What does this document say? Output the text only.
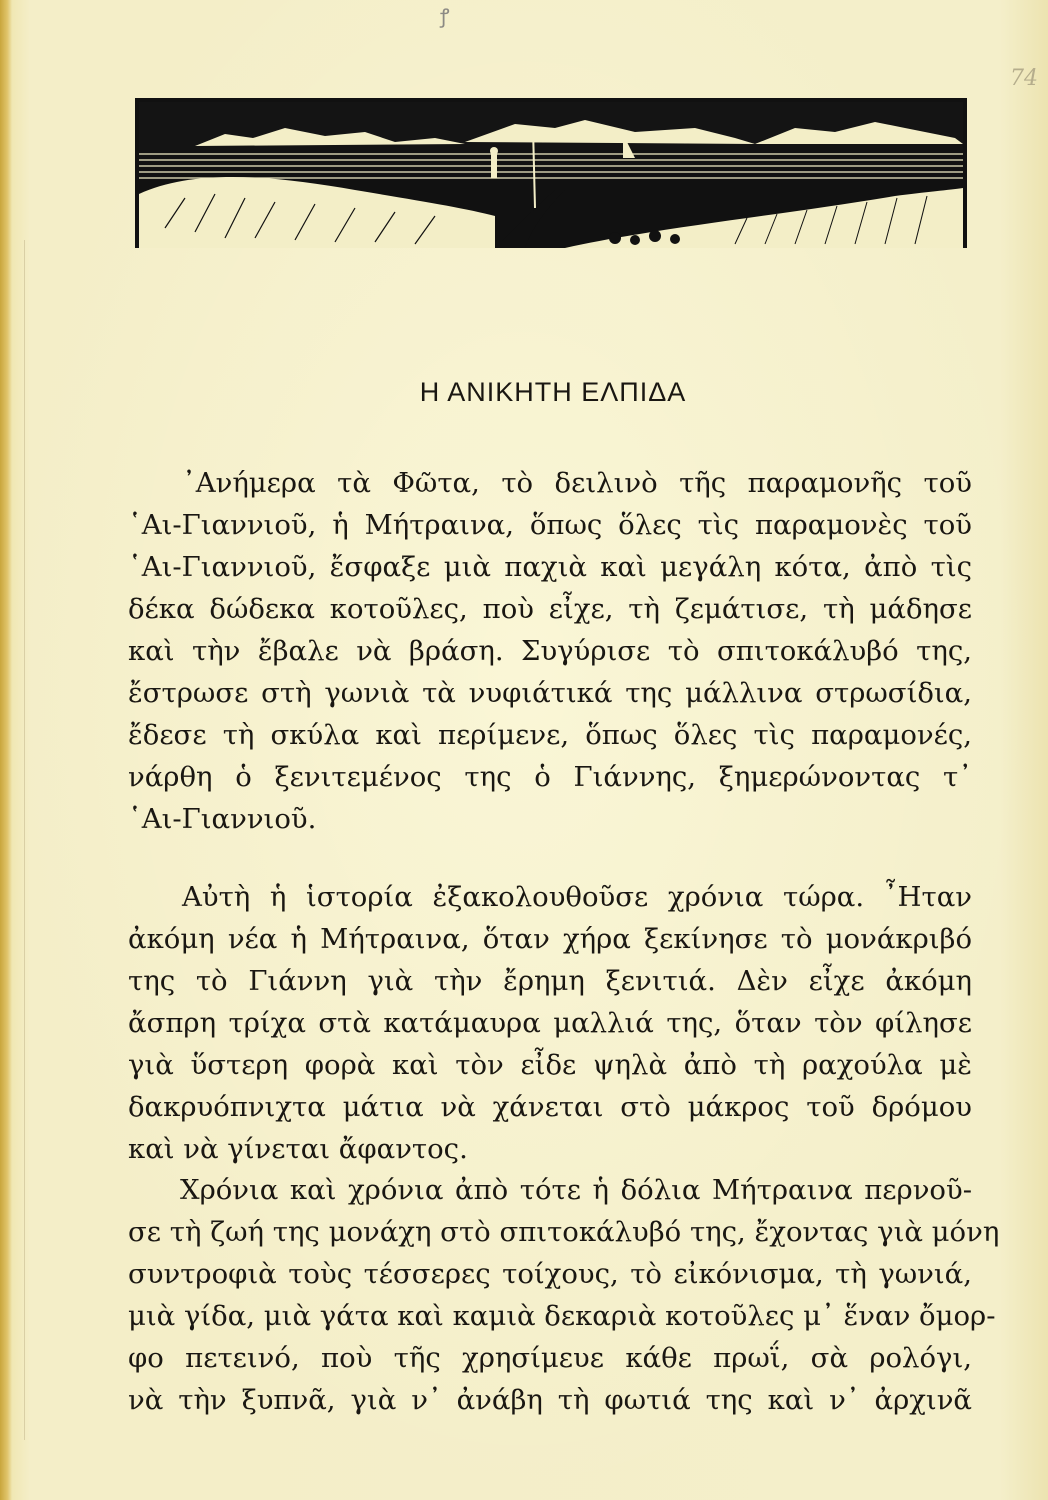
ꝭ
74
Η ΑΝΙΚΗΤΗ ΕΛΠΙΔΑ
᾿Ανήμερα τὰ Φῶτα, τὸ δειλινὸ τῆς παραμονῆς τοῦ
῾Αι-Γιαννιοῦ, ἡ Μήτραινα, ὅπως ὅλες τὶς παραμονὲς τοῦ
῾Αι-Γιαννιοῦ, ἔσφαξε μιὰ παχιὰ καὶ μεγάλη κότα, ἀπὸ τὶς
δέκα δώδεκα κοτοῦλες, ποὺ εἶχε, τὴ ζεμάτισε, τὴ μάδησε
καὶ τὴν ἔβαλε νὰ βράση. Συγύρισε τὸ σπιτοκάλυβό της,
ἔστρωσε στὴ γωνιὰ τὰ νυφιάτικά της μάλλινα στρωσίδια,
ἔδεσε τὴ σκύλα καὶ περίμενε, ὅπως ὅλες τὶς παραμονές,
νάρθη ὁ ξενιτεμένος της ὁ Γιάννης, ξημερώνοντας τ᾿
῾Αι-Γιαννιοῦ.
Αὐτὴ ἡ ἱστορία ἐξακολουθοῦσε χρόνια τώρα. ῏Ηταν
ἀκόμη νέα ἡ Μήτραινα, ὅταν χήρα ξεκίνησε τὸ μονάκριβό
της τὸ Γιάννη γιὰ τὴν ἔρημη ξενιτιά. Δὲν εἶχε ἀκόμη
ἄσπρη τρίχα στὰ κατάμαυρα μαλλιά της, ὅταν τὸν φίλησε
γιὰ ὕστερη φορὰ καὶ τὸν εἶδε ψηλὰ ἀπὸ τὴ ραχούλα μὲ
δακρυόπνιχτα μάτια νὰ χάνεται στὸ μάκρος τοῦ δρόμου
καὶ νὰ γίνεται ἄφαντος.
Χρόνια καὶ χρόνια ἀπὸ τότε ἡ δόλια Μήτραινα περνοῦ-
σε τὴ ζωή της μονάχη στὸ σπιτοκάλυβό της, ἔχοντας γιὰ μόνη
συντροφιὰ τοὺς τέσσερες τοίχους, τὸ εἰκόνισμα, τὴ γωνιά,
μιὰ γίδα, μιὰ γάτα καὶ καμιὰ δεκαριὰ κοτοῦλες μ᾿ ἕναν ὄμορ-
φο πετεινό, ποὺ τῆς χρησίμευε κάθε πρωΐ, σὰ ρολόγι,
νὰ τὴν ξυπνᾶ, γιὰ ν᾿ ἀνάβη τὴ φωτιά της καὶ ν᾿ ἀρχινᾶ
